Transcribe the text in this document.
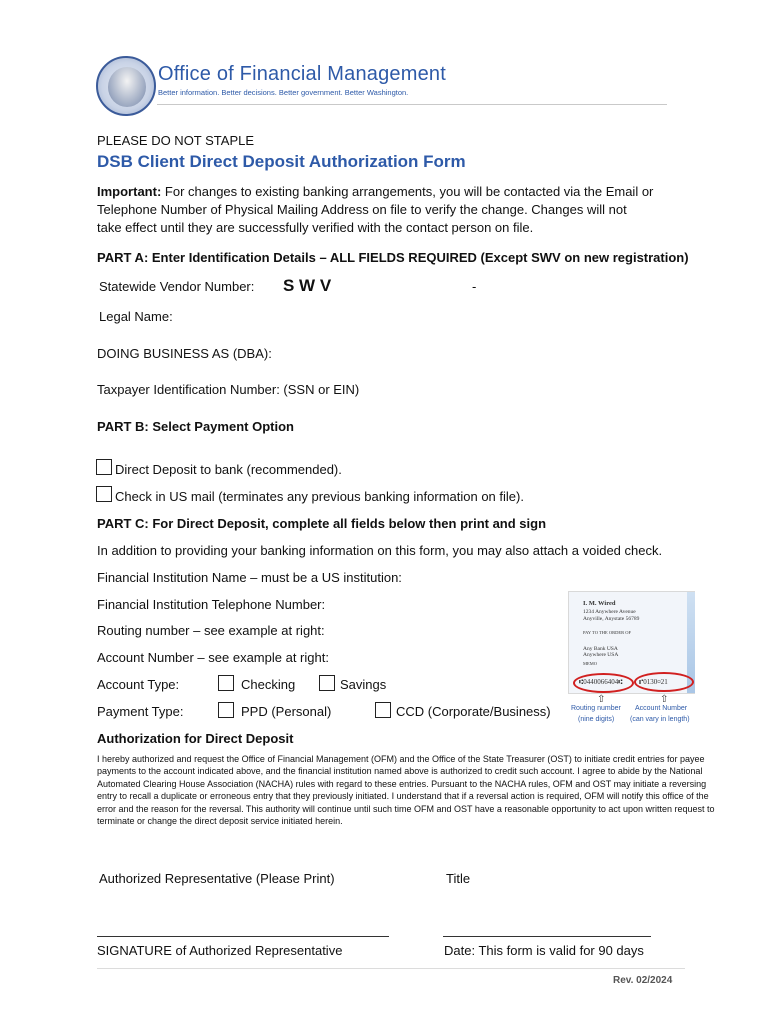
Office of Financial Management
Better information. Better decisions. Better government. Better Washington.
PLEASE DO NOT STAPLE
DSB Client Direct Deposit Authorization Form
Important: For changes to existing banking arrangements, you will be contacted via the Email or
Telephone Number of Physical Mailing Address on file to verify the change. Changes will not
take effect until they are successfully verified with the contact person on file.
PART A: Enter Identification Details – ALL FIELDS REQUIRED (Except SWV on new registration)
Statewide Vendor Number: S W V	-
Legal Name:
DOING BUSINESS AS (DBA):
Taxpayer Identification Number: (SSN or EIN)
PART B: Select Payment Option
Direct Deposit to bank (recommended).
Check in US mail (terminates any previous banking information on file).
PART C: For Direct Deposit, complete all fields below then print and sign
In addition to providing your banking information on this form, you may also attach a voided check.
Financial Institution Name – must be a US institution:
Financial Institution Telephone Number:
Routing number – see example at right:
Account Number – see example at right:
Account Type:	Checking	Savings
Payment Type:	PPD (Personal)	CCD (Corporate/Business)
I. M. Wired
1234 Anywhere Avenue
Anyville, Anystate 56789
PAY TO THE ORDER OF
Any Bank USA
Anywhere USA
MEMO
⑆0440066404⑆ ⑈0130¤21
⇧	⇧
Routing number
(nine digits)
Account Number
(can vary in length)
Authorization for Direct Deposit
I hereby authorized and request the Office of Financial Management (OFM) and the Office of the State Treasurer (OST) to initiate credit entries for payee payments to the account indicated above, and the financial institution named above is authorized to credit such account. I agree to abide by the National Automated Clearing House Association (NACHA) rules with regard to these entries. Pursuant to the NACHA rules, OFM and OST may initiate a reversing entry to recall a duplicate or erroneous entry that they previously initiated. I understand that if a reversal action is required, OFM will notify this office of the error and the reason for the reversal. This authority will continue until such time OFM and OST have a reasonable opportunity to act upon written request to terminate or change the direct deposit service initiated herein.
Authorized Representative (Please Print)	Title
SIGNATURE of Authorized Representative	Date: This form is valid for 90 days
Rev. 02/2024
